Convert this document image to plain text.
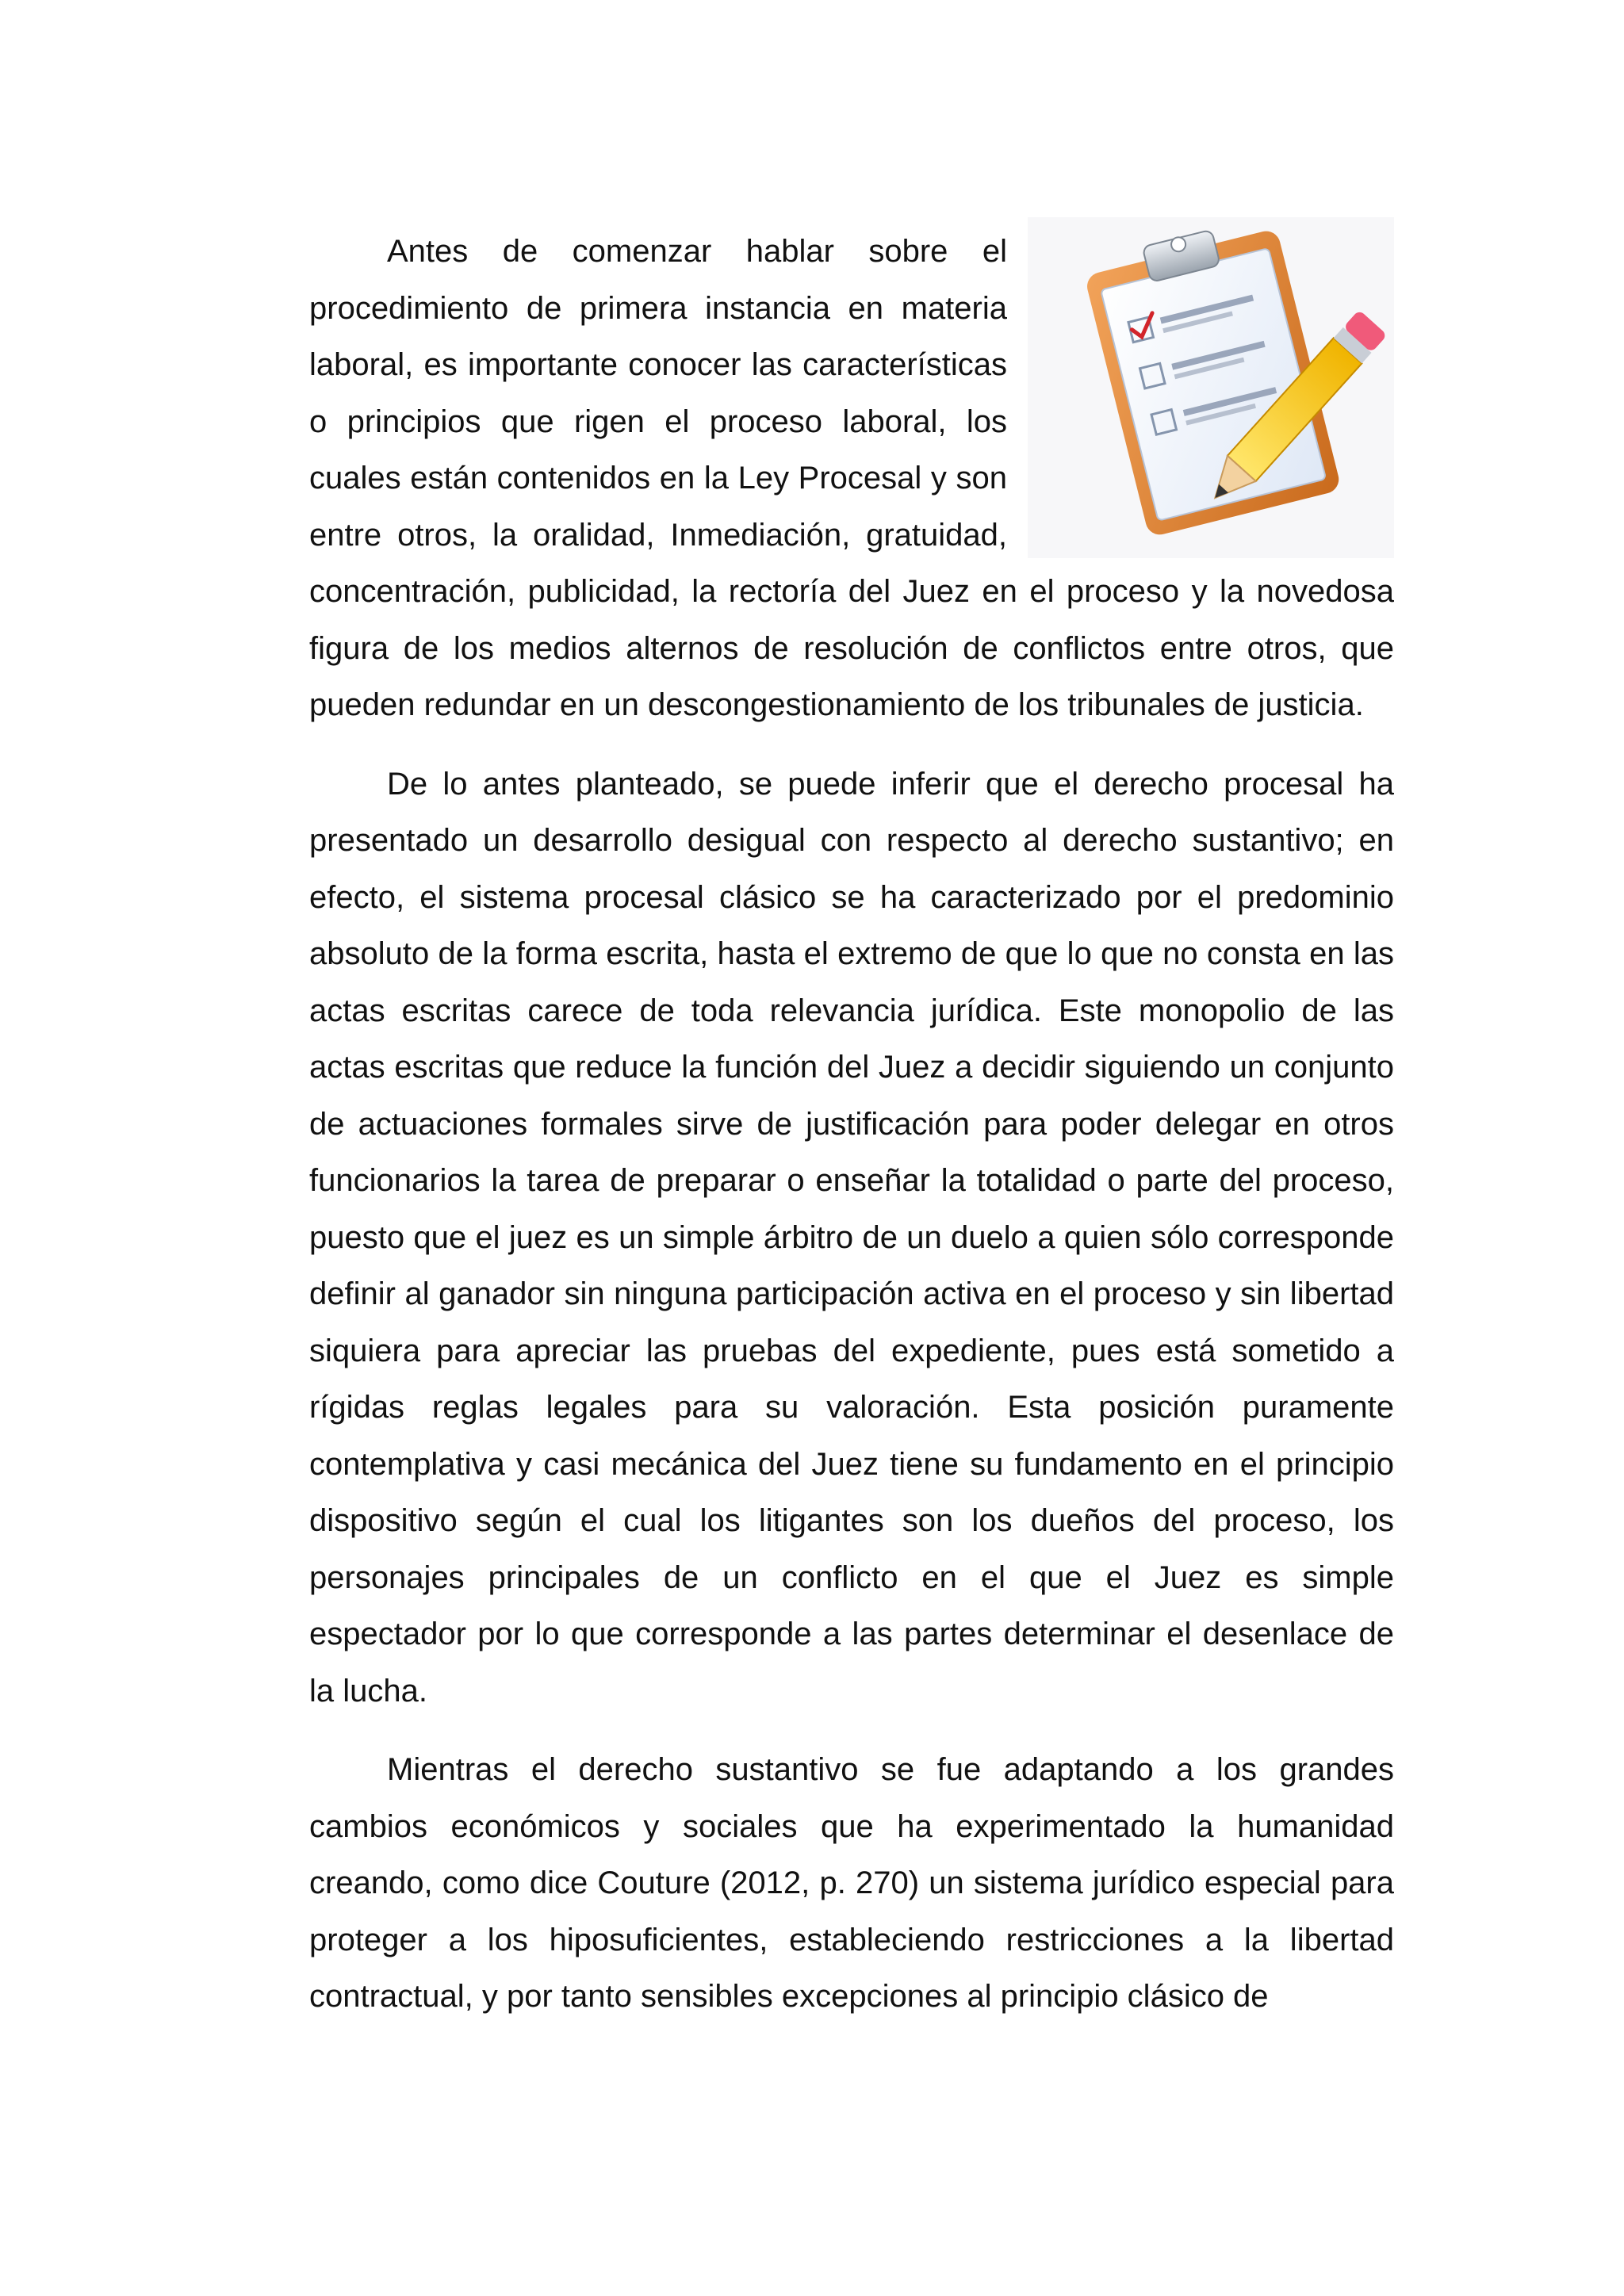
Antes de comenzar hablar sobre el procedimiento de primera instancia en materia laboral, es importante conocer las características o principios que rigen el proceso laboral, los cuales están contenidos en la Ley Procesal y son entre otros, la oralidad, Inmediación, gratuidad, concentración, publicidad, la rectoría del Juez en el proceso y la novedosa figura de los medios alternos de resolución de conflictos entre otros, que pueden redundar en un descongestionamiento de los tribunales de justicia.

De lo antes planteado, se puede inferir que el derecho procesal ha presentado un desarrollo desigual con respecto al derecho sustantivo; en efecto, el sistema procesal clásico se ha caracterizado por el predominio absoluto de la forma escrita, hasta el extremo de que lo que no consta en las actas escritas carece de toda relevancia jurídica. Este monopolio de las actas escritas que reduce la función del Juez a decidir siguiendo un conjunto de actuaciones formales sirve de justificación para poder delegar en otros funcionarios la tarea de preparar o enseñar la totalidad o parte del proceso, puesto que el juez es un simple árbitro de un duelo a quien sólo corresponde definir al ganador sin ninguna participación activa en el proceso y sin libertad siquiera para apreciar las pruebas del expediente, pues está sometido a rígidas reglas legales para su valoración. Esta posición puramente contemplativa y casi mecánica del Juez tiene su fundamento en el principio dispositivo según el cual los litigantes son los dueños del proceso, los personajes principales de un conflicto en el que el Juez es simple espectador por lo que corresponde a las partes determinar el desenlace de la lucha.

Mientras el derecho sustantivo se fue adaptando a los grandes cambios económicos y sociales que ha experimentado la humanidad creando, como dice Couture (2012, p. 270) un sistema jurídico especial para proteger a los hiposuficientes, estableciendo restricciones a la libertad contractual, y por tanto sensibles excepciones al principio clásico de
